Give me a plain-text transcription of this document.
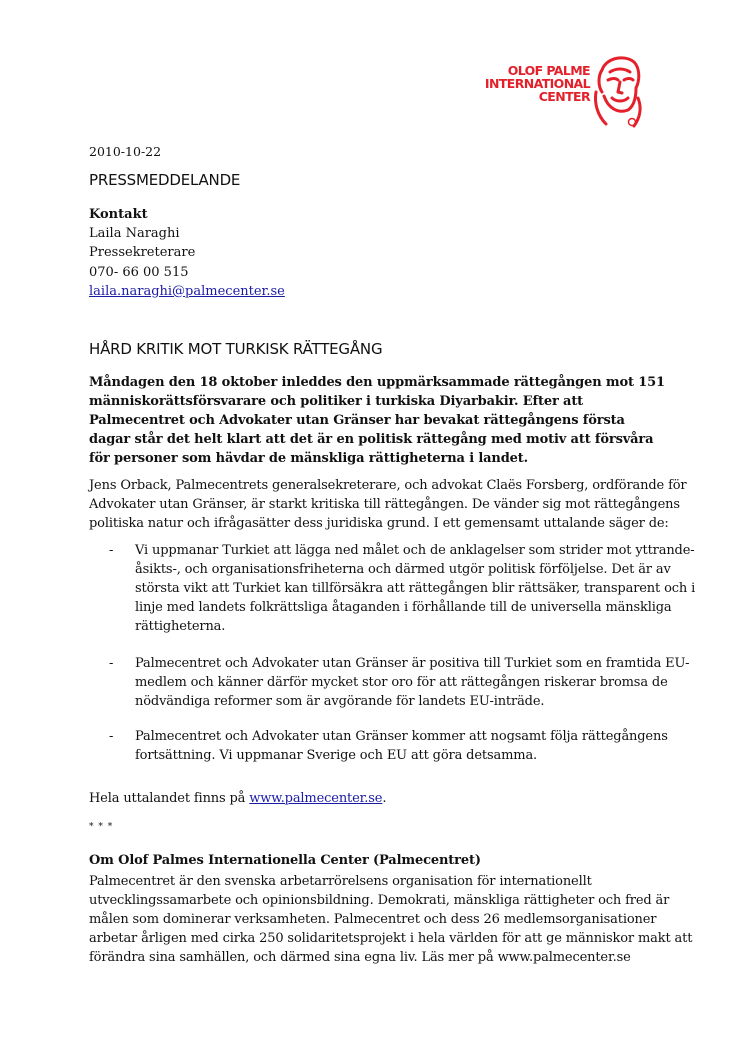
OLOF PALME
INTERNATIONAL
CENTER
2010-10-22
PRESSMEDDELANDE
Kontakt
Laila Naraghi
Pressekreterare
070- 66 00 515
laila.naraghi@palmecenter.se
HÅRD KRITIK MOT TURKISK RÄTTEGÅNG
Måndagen den 18 oktober inleddes den uppmärksammade rättegången mot 151
människorättsförsvarare och politiker i turkiska Diyarbakir. Efter att
Palmecentret och Advokater utan Gränser har bevakat rättegångens första
dagar står det helt klart att det är en politisk rättegång med motiv att försvåra
för personer som hävdar de mänskliga rättigheterna i landet.
Jens Orback, Palmecentrets generalsekreterare, och advokat Claës Forsberg, ordförande för
Advokater utan Gränser, är starkt kritiska till rättegången. De vänder sig mot rättegångens
politiska natur och ifrågasätter dess juridiska grund. I ett gemensamt uttalande säger de:
- Vi uppmanar Turkiet att lägga ned målet och de anklagelser som strider mot yttrande-
åsikts-, och organisationsfriheterna och därmed utgör politisk förföljelse. Det är av
största vikt att Turkiet kan tillförsäkra att rättegången blir rättsäker, transparent och i
linje med landets folkrättsliga åtaganden i förhållande till de universella mänskliga
rättigheterna.
- Palmecentret och Advokater utan Gränser är positiva till Turkiet som en framtida EU-
medlem och känner därför mycket stor oro för att rättegången riskerar bromsa de
nödvändiga reformer som är avgörande för landets EU-inträde.
- Palmecentret och Advokater utan Gränser kommer att nogsamt följa rättegångens
fortsättning. Vi uppmanar Sverige och EU att göra detsamma.
Hela uttalandet finns på www.palmecenter.se.
* * *
Om Olof Palmes Internationella Center (Palmecentret)
Palmecentret är den svenska arbetarrörelsens organisation för internationellt
utvecklingssamarbete och opinionsbildning. Demokrati, mänskliga rättigheter och fred är
målen som dominerar verksamheten. Palmecentret och dess 26 medlemsorganisationer
arbetar årligen med cirka 250 solidaritetsprojekt i hela världen för att ge människor makt att
förändra sina samhällen, och därmed sina egna liv. Läs mer på www.palmecenter.se
